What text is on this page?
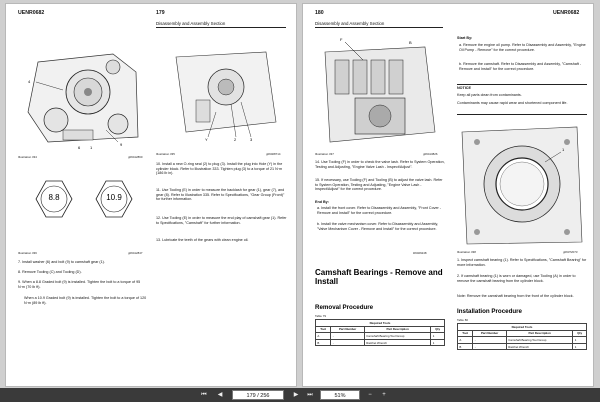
UENR0682	179
Disassembly and Assembly Section
4
9
6 1
Illustration 334	g06412860
8.8	10.9
Illustration 336	g06412847
7. Install washer (6) and bolt (9) to camshaft gear (1).
8. Remove Tooling (C) and Tooling (D).
9. When a 8.8 Graded bolt (9) is installed. Tighten the bolt to a torque of 95 N·m (70 lb ft).
When a 10.9 Graded bolt (9) is installed. Tighten the bolt to a torque of 120 N·m (89 lb ft).
Y	2	3
Illustration 335	g06408714
10. Install a new O-ring seal (2) to plug (3). Install the plug into Hole (Y) in the cylinder block. Refer to Illustration 333. Tighten plug (3) to a torque of 21 N·m (186 lb in).
11. Use Tooling (E) in order to measure the backlash for gear (1), gear (7), and gear (8). Refer to Illustration 335. Refer to Specifications, "Gear Group (Front)" for further information.
12. Use Tooling (E) in order to measure the end play of camshaft gear (1). Refer to Specifications, "Camshaft" for further information.
13. Lubricate the teeth of the gears with clean engine oil.
180	UENR0682
Disassembly and Assembly Section
F
B
Illustration 337	g06413826
14. Use Tooling (F) in order to check the valve lash. Refer to System Operation, Testing and Adjusting, "Engine Valve Lash - Inspect/Adjust".
15. If necessary, use Tooling (F) and Tooling (B) to adjust the valve lash. Refer to System Operation, Testing and Adjusting, "Engine Valve Lash - Inspect/Adjust" for the correct procedure.
End By:
a. Install the front cover. Refer to Disassembly and Assembly, "Front Cover - Remove and Install" for the correct procedure.
b. Install the valve mechanism cover. Refer to Disassembly and Assembly, "Valve Mechanism Cover - Remove and Install" for the correct procedure.
i06406248
Camshaft Bearings - Remove and Install
Removal Procedure
Table 79
Required Tools			
Tool	Part Number	Part Description	Qty
A	-	Camshaft Bearing Tool Group	1
B	-	Ratchet Wrench	1
Start By:
a. Remove the engine oil pump. Refer to Disassembly and Assembly, "Engine Oil Pump - Remove" for the correct procedure.
b. Remove the camshaft. Refer to Disassembly and Assembly, "Camshaft - Remove and Install" for the correct procedure.
NOTICE
Keep all parts clean from contaminants.
Contaminants may cause rapid wear and shortened component life.
1
Illustration 338	g06372073
1. Inspect camshaft bearing (1). Refer to Specifications, "Camshaft Bearing" for more information.
2. If camshaft bearing (1) is worn or damaged, use Tooling (A) in order to remove the camshaft bearing from the cylinder block.
Note: Remove the camshaft bearing from the front of the cylinder block.
Installation Procedure
Table 80
Required Tools			
Tool	Part Number	Part Description	Qty
A	-	Camshaft Bearing Tool Group	1
B	-	Ratchet Wrench	1
⏮	◀	179 / 256	▶	⏭	51%	−	+
